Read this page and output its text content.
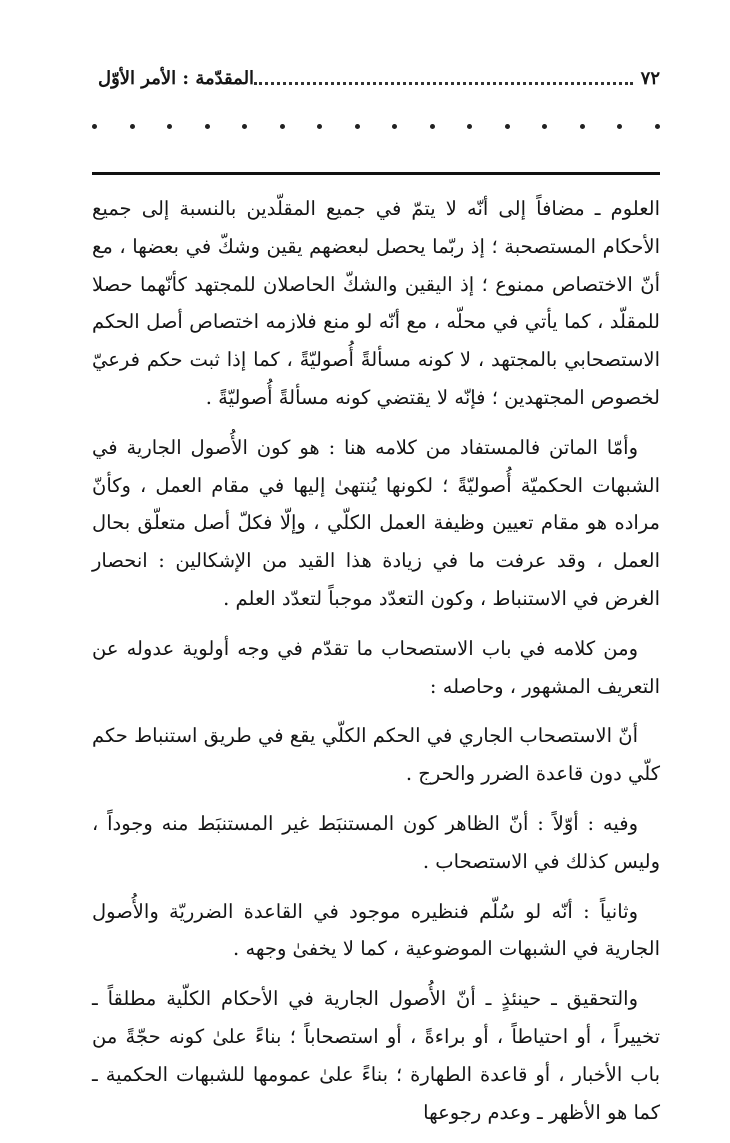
٧٢
المقدّمة : الأمر الأوّل

العلوم ـ مضافاً إلى أنّه لا يتمّ في جميع المقلّدين بالنسبة إلى جميع الأحكام المستصحبة ؛ إذ ربّما يحصل لبعضهم يقين وشكّ في بعضها ، مع أنّ الاختصاص ممنوع ؛ إذ اليقين والشكّ الحاصلان للمجتهد كأنّهما حصلا للمقلّد ، كما يأتي في محلّه ، مع أنّه لو منع فلازمه اختصاص أصل الحكم الاستصحابي بالمجتهد ، لا كونه مسألةً أُصوليّةً ، كما إذا ثبت حكم فرعيّ لخصوص المجتهدين ؛ فإنّه لا يقتضي كونه مسألةً أُصوليّةً .

وأمّا الماتن فالمستفاد من كلامه هنا : هو كون الأُصول الجارية في الشبهات الحكميّة أُصوليّةً ؛ لكونها يُنتهىٰ إليها في مقام العمل ، وكأنّ مراده هو مقام تعيين وظيفة العمل الكلّي ، وإلّا فكلّ أصل متعلّق بحال العمل ، وقد عرفت ما في زيادة هذا القيد من الإشكالين : انحصار الغرض في الاستنباط ، وكون التعدّد موجباً لتعدّد العلم .

ومن كلامه في باب الاستصحاب ما تقدّم في وجه أولوية عدوله عن التعريف المشهور ، وحاصله :

أنّ الاستصحاب الجاري في الحكم الكلّي يقع في طريق استنباط حكم كلّي دون قاعدة الضرر والحرج .

وفيه : أوّلاً : أنّ الظاهر كون المستنبَط غير المستنبَط منه وجوداً ، وليس كذلك في الاستصحاب .

وثانياً : أنّه لو سُلّم فنظيره موجود في القاعدة الضرريّة والأُصول الجارية في الشبهات الموضوعية ، كما لا يخفىٰ وجهه .

والتحقيق ـ حينئذٍ ـ أنّ الأُصول الجارية في الأحكام الكلّية مطلقاً ـ تخييراً ، أو احتياطاً ، أو براءةً ، أو استصحاباً ؛ بناءً علىٰ كونه حجّةً من باب الأخبار ، أو قاعدة الطهارة ؛ بناءً علىٰ عمومها للشبهات الحكمية ـ كما هو الأظهر ـ وعدم رجوعها
